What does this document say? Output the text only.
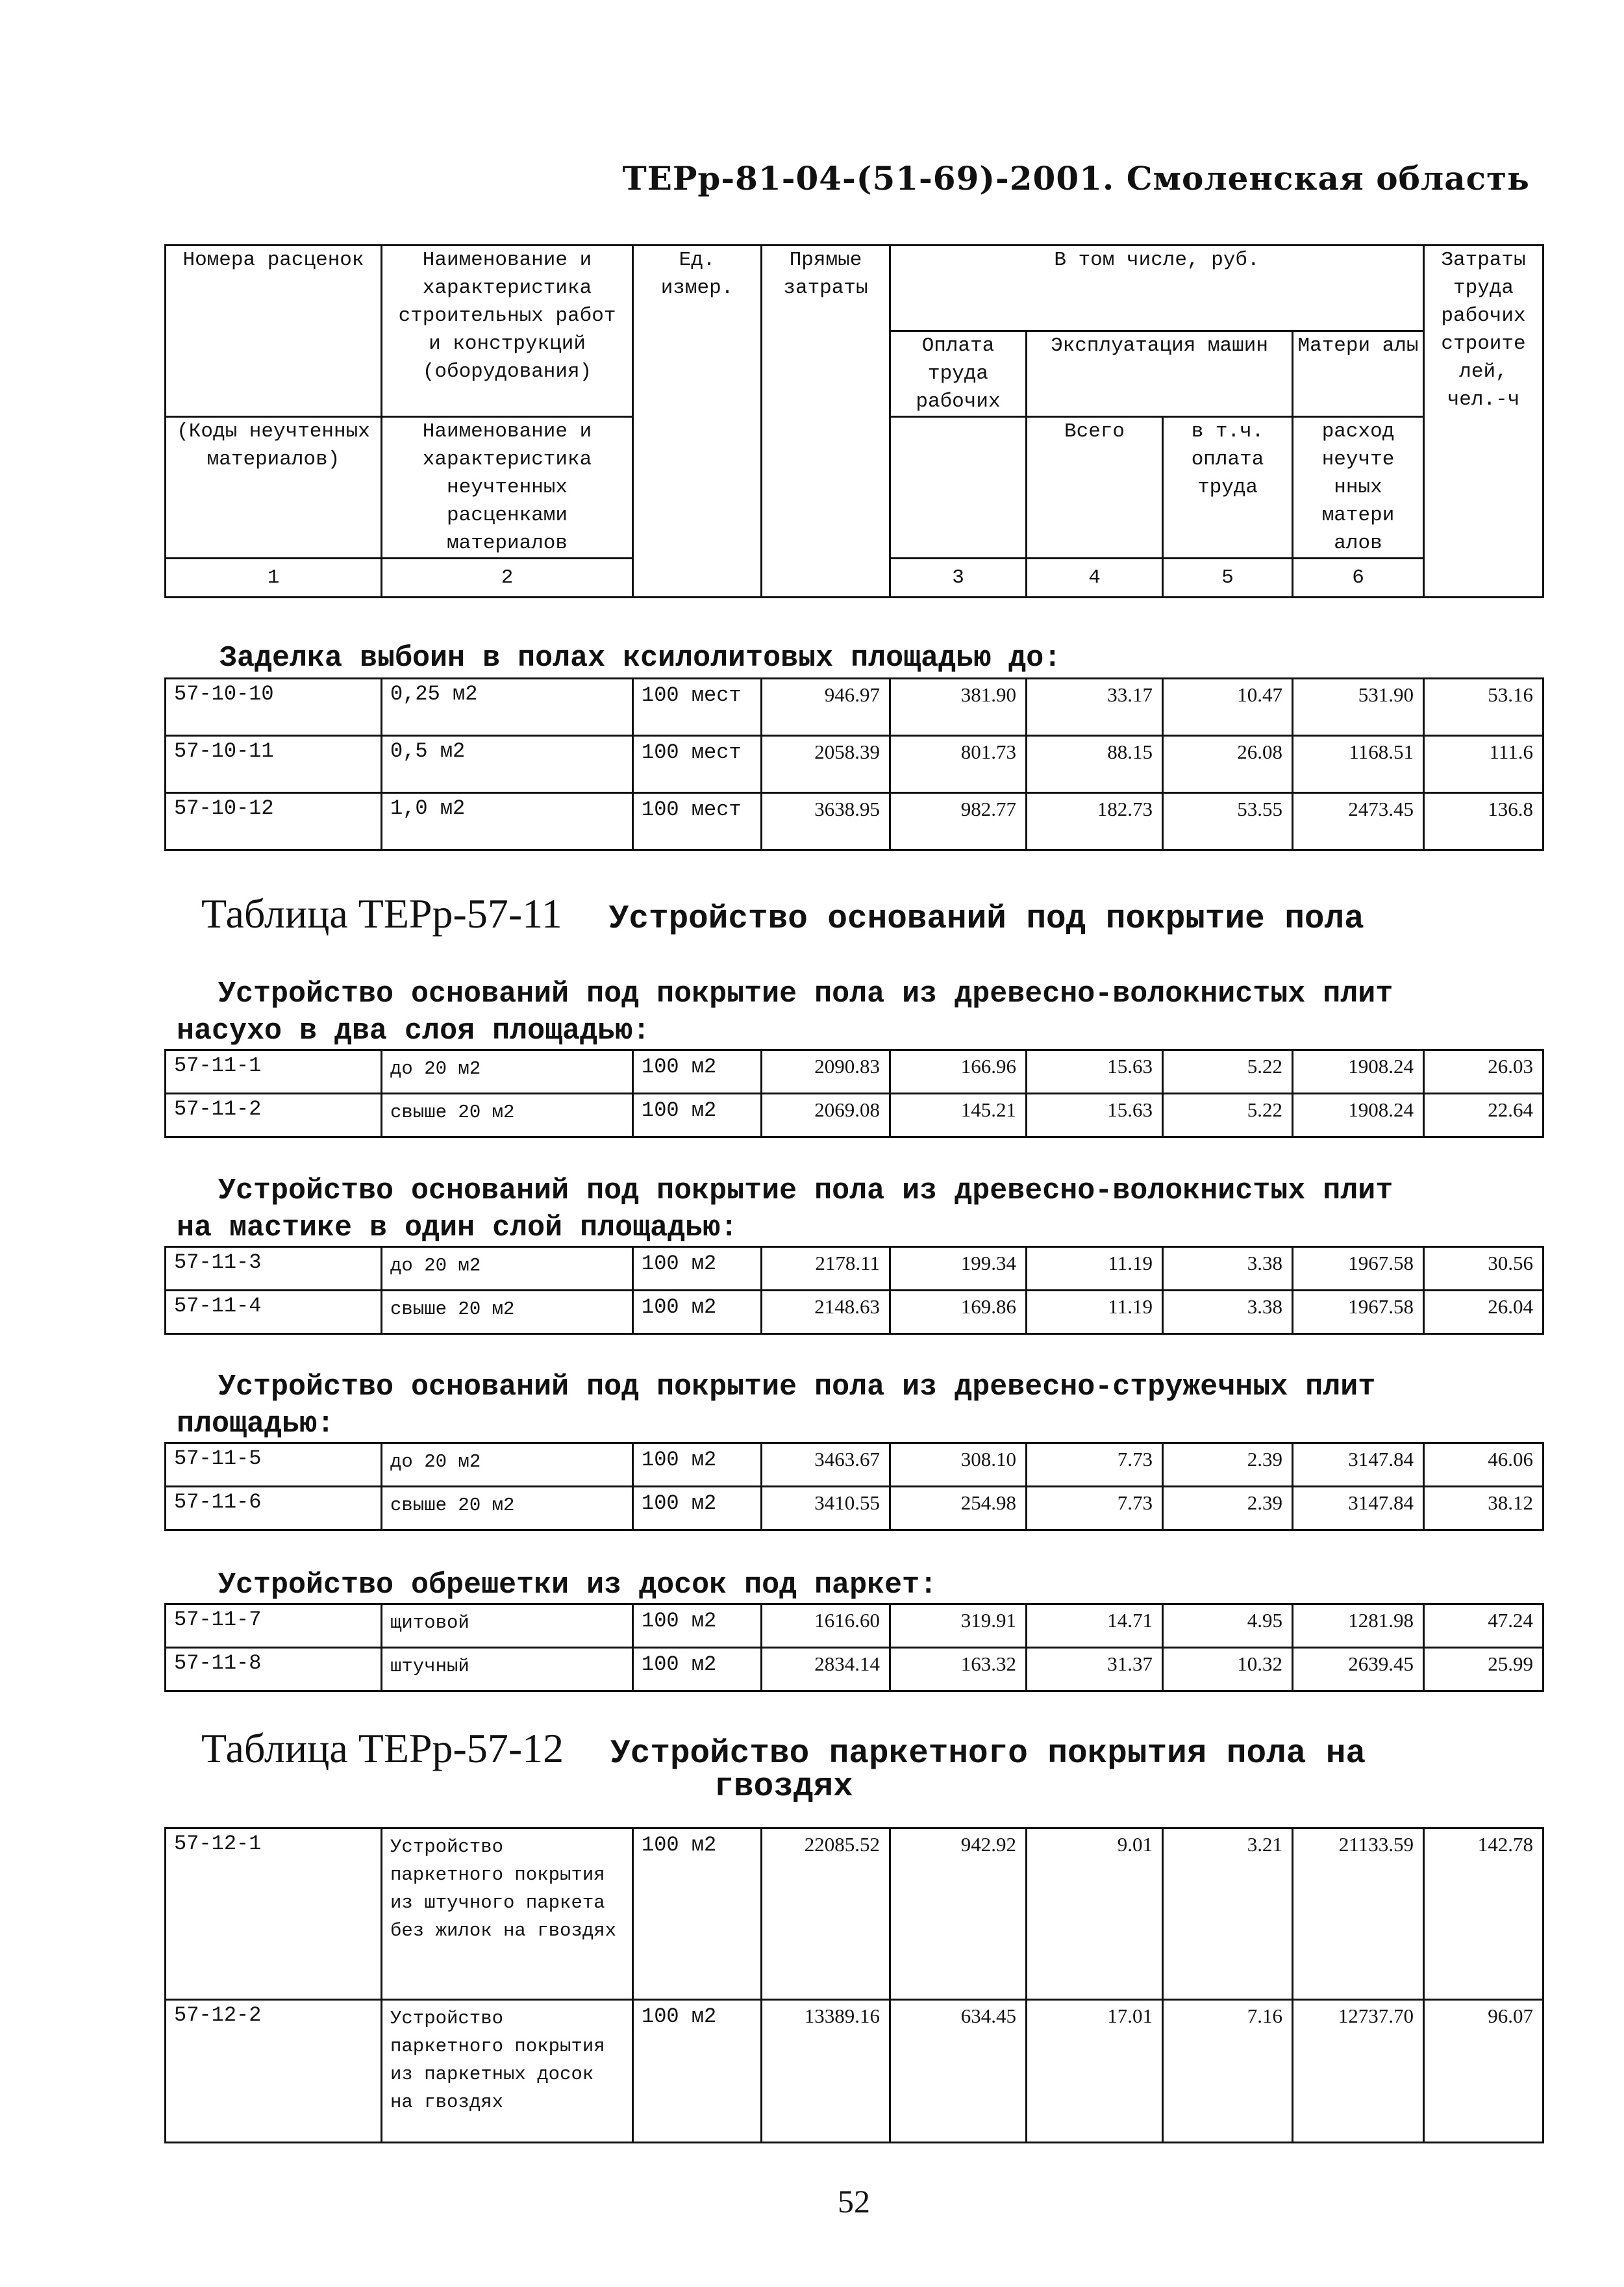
ТЕРр-81-04-(51-69)-2001. Смоленская область
Номера расценок	Наименование и характеристика строительных работ и конструкций (оборудования)	Ед. измер.	Прямые затраты	В том числе, руб.				Затраты труда рабочих строите лей, чел.-ч	
				Оплата труда рабочих	Эксплуатация машин		Матери алы		
(Коды неучтенных материалов)	Наименование и характеристика неучтенных расценками материалов				Всего	в т.ч. оплата труда	расход неучте нных матери алов		
1	2			3	4	5	6			
Заделка выбоин в полах ксилолитовых площадью до:
57-10-10	0,25 м2	100 мест	946.97	381.90	33.17	10.47	531.90	53.16
57-10-11	0,5 м2	100 мест	2058.39	801.73	88.15	26.08	1168.51	111.6
57-10-12	1,0 м2	100 мест	3638.95	982.77	182.73	53.55	2473.45	136.8
Таблица ТЕРр-57-11 Устройство оснований под покрытие пола
Устройство оснований под покрытие пола из древесно-волокнистых плит
насухо в два слоя площадью:
57-11-1	до 20 м2	100 м2	2090.83	166.96	15.63	5.22	1908.24	26.03
57-11-2	свыше 20 м2	100 м2	2069.08	145.21	15.63	5.22	1908.24	22.64
Устройство оснований под покрытие пола из древесно-волокнистых плит
на мастике в один слой площадью:
57-11-3	до 20 м2	100 м2	2178.11	199.34	11.19	3.38	1967.58	30.56
57-11-4	свыше 20 м2	100 м2	2148.63	169.86	11.19	3.38	1967.58	26.04
Устройство оснований под покрытие пола из древесно-стружечных плит
площадью:
57-11-5	до 20 м2	100 м2	3463.67	308.10	7.73	2.39	3147.84	46.06
57-11-6	свыше 20 м2	100 м2	3410.55	254.98	7.73	2.39	3147.84	38.12
Устройство обрешетки из досок под паркет:
57-11-7	щитовой	100 м2	1616.60	319.91	14.71	4.95	1281.98	47.24
57-11-8	штучный	100 м2	2834.14	163.32	31.37	10.32	2639.45	25.99
Таблица ТЕРр-57-12 Устройство паркетного покрытия пола на
гвоздях
57-12-1	Устройство паркетного покрытия из штучного паркета без жилок на гвоздях	100 м2	22085.52	942.92	9.01	3.21	21133.59	142.78
57-12-2	Устройство паркетного покрытия из паркетных досок на гвоздях	100 м2	13389.16	634.45	17.01	7.16	12737.70	96.07
52
